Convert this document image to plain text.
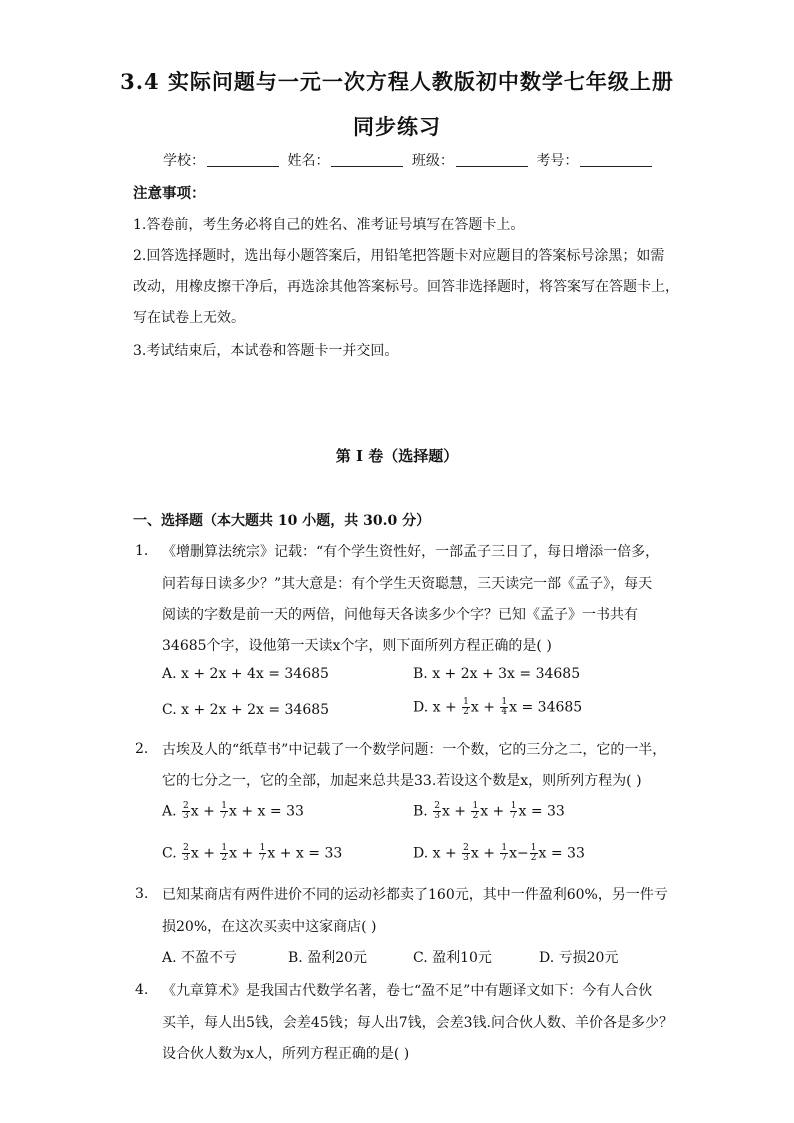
3.4 实际问题与一元一次方程人教版初中数学七年级上册
同步练习
学校：	姓名：	班级：	考号：
注意事项：
1.答卷前，考生务必将自己的姓名、准考证号填写在答题卡上。
2.回答选择题时，选出每小题答案后，用铅笔把答题卡对应题目的答案标号涂黑；如需
改动，用橡皮擦干净后，再选涂其他答案标号。回答非选择题时，将答案写在答题卡上，
写在试卷上无效。
3.考试结束后，本试卷和答题卡一并交回。
第 I 卷（选择题）
一、选择题（本大题共 10 小题，共 30.0 分）
1. 《增删算法统宗》记载：“有个学生资性好，一部孟子三日了，每日增添一倍多，
问若每日读多少？”其大意是：有个学生天资聪慧，三天读完一部《孟子》，每天
阅读的字数是前一天的两倍，问他每天各读多少个字？已知《孟子》一书共有
34685个字，设他第一天读x个字，则下面所列方程正确的是( )
A. x + 2x + 4x = 34685	B. x + 2x + 3x = 34685
C. x + 2x + 2x = 34685	D. $x + \frac{1}{2}$ $x + \frac{1}{4}$ x = 34685
2. 古埃及人的“纸草书”中记载了一个数学问题：一个数，它的三分之二，它的一半，
它的七分之一，它的全部，加起来总共是33.若设这个数是x，则所列方程为( )
A. $\frac{2}{3}$ $x + \frac{1}{7}$ x + x = 33	B. $\frac{2}{3}$ $x + \frac{1}{2}$ $x + \frac{1}{7}$ x = 33
C. $\frac{2}{3}$ $x + \frac{1}{2}$ $x + \frac{1}{7}$ x + x = 33	D. $x + \frac{2}{3}$ $x + \frac{1}{7} x- \frac{1}{2}$ x = 33
3. 已知某商店有两件进价不同的运动衫都卖了160元，其中一件盈利60%，另一件亏
损20%，在这次买卖中这家商店( )
A. 不盈不亏	B. 盈利20元	C. 盈利10元	D. 亏损20元
4. 《九章算术》是我国古代数学名著，卷七“盈不足”中有题译文如下：今有人合伙
买羊，每人出5钱，会差45钱；每人出7钱，会差3钱.问合伙人数、羊价各是多少？
设合伙人数为x人，所列方程正确的是( )
